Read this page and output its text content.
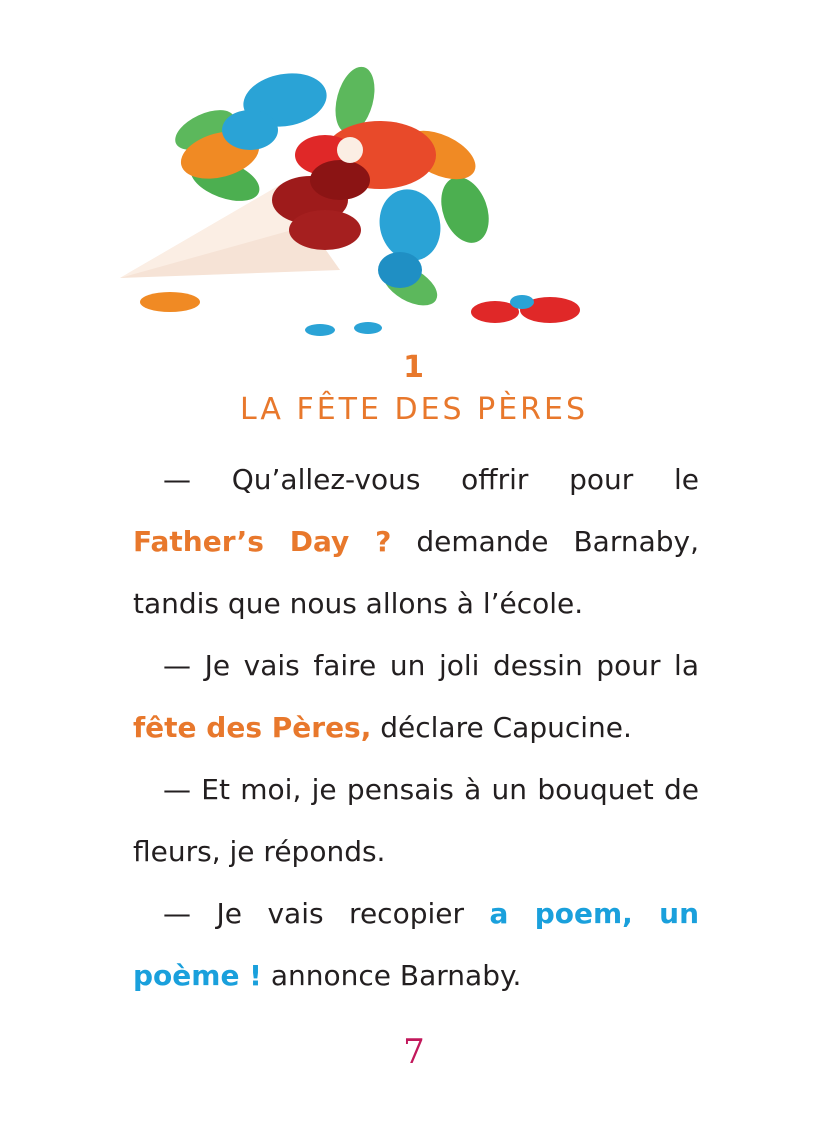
1
LA FÊTE DES PÈRES

— Qu’allez-vous offrir pour le Father’s Day ? demande Barnaby, tandis que nous allons à l’école.

— Je vais faire un joli dessin pour la fête des Pères, déclare Capucine.

— Et moi, je pensais à un bouquet de fleurs, je réponds.

— Je vais recopier a poem, un poème ! annonce Barnaby.

7
